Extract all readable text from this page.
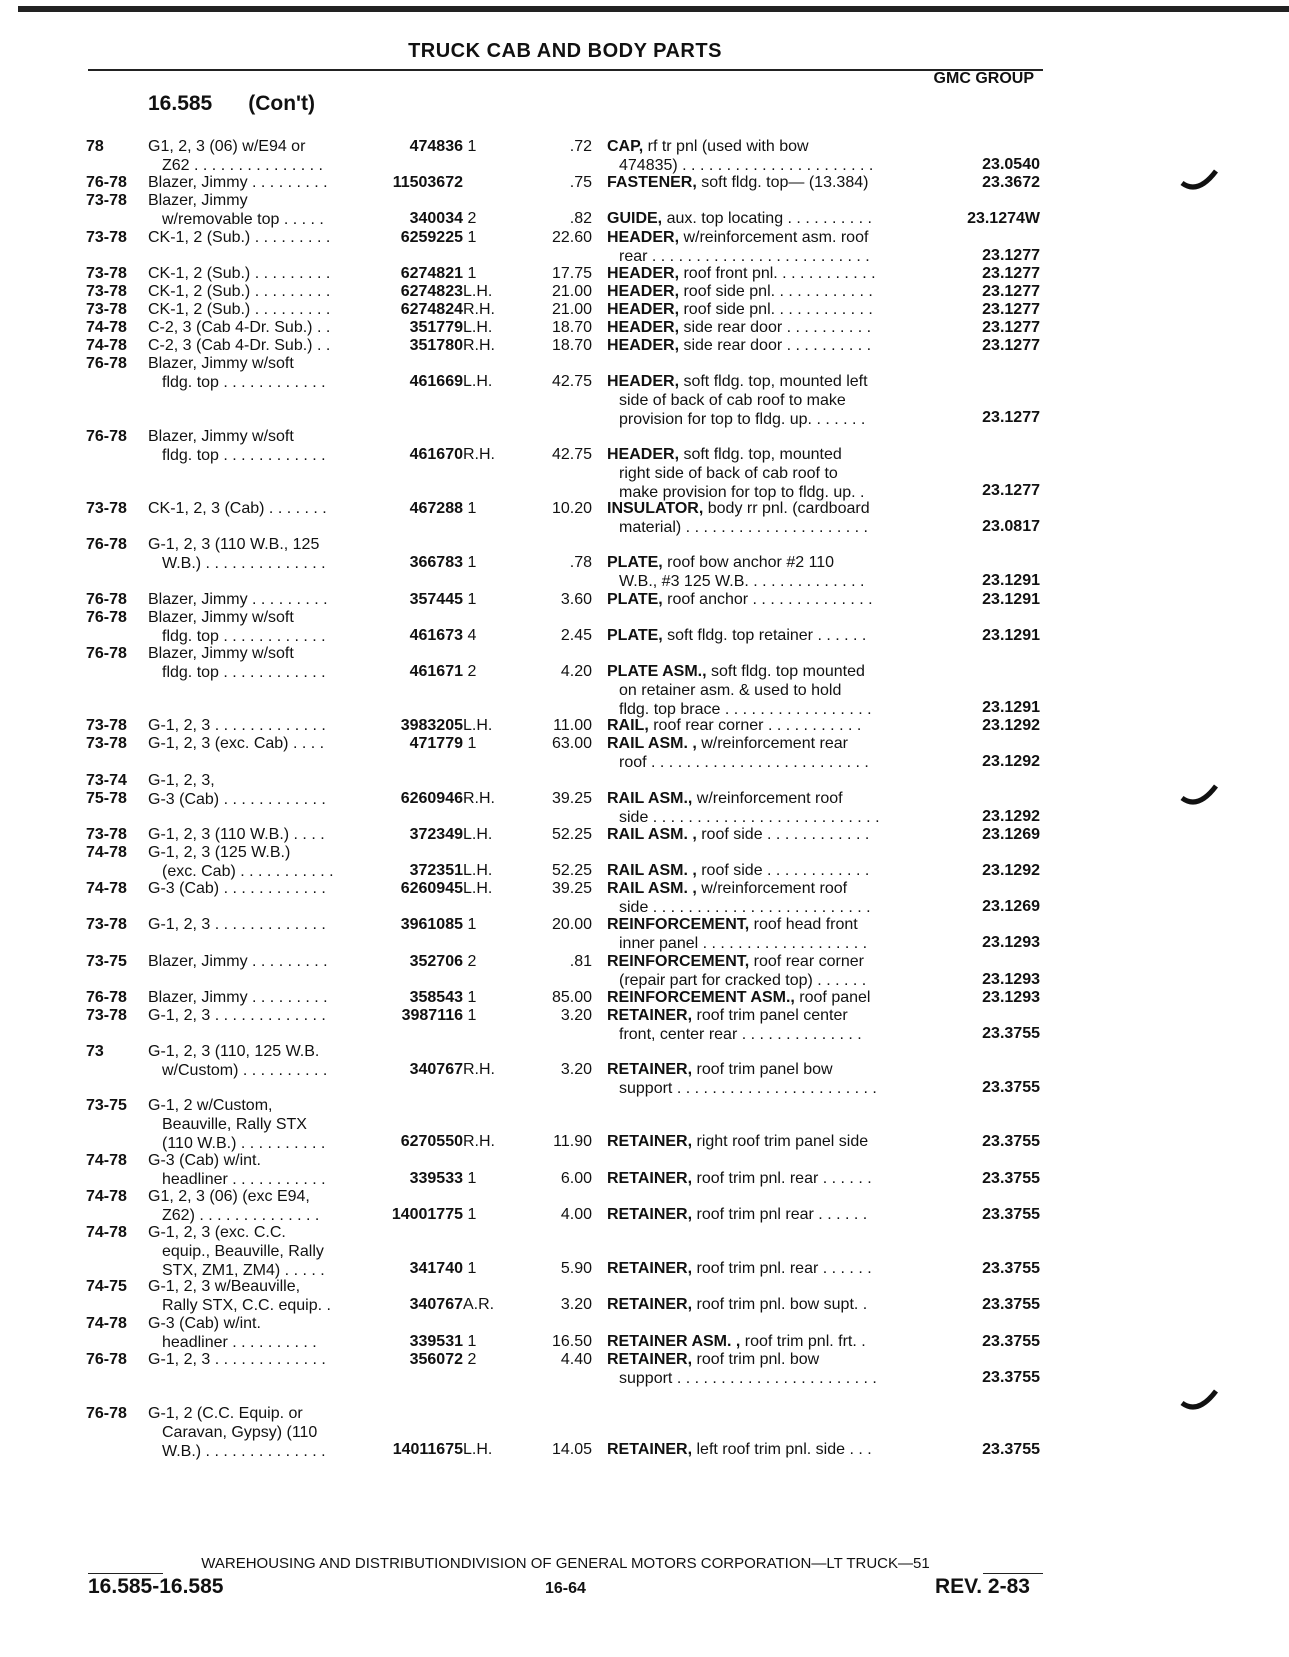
TRUCK CAB AND BODY PARTS
GMC GROUP
16.585 (Con't)
78	G1, 2, 3 (06) w/E94 or
Z62 . . . . . . . . . . . . . . .
474836 1	.72 CAP, rf tr pnl (used with bow
474835) . . . . . . . . . . . . . . . . . . . . . .	23.0540
76-78 Blazer, Jimmy . . . . . . . . .	11503672	.75 FASTENER, soft fldg. top— (13.384)	23.3672
73-78 Blazer, Jimmy
w/removable top . . . . .	340034 2	.82 GUIDE, aux. top locating . . . . . . . . . .	23.1274W
73-78 CK-1, 2 (Sub.) . . . . . . . . .	6259225 1	22.60 HEADER, w/reinforcement asm. roof
rear . . . . . . . . . . . . . . . . . . . . . . . . .	23.1277
73-78 CK-1, 2 (Sub.) . . . . . . . . .	6274821 1	17.75 HEADER, roof front pnl. . . . . . . . . . . .	23.1277
73-78 CK-1, 2 (Sub.) . . . . . . . . .	6274823 L.H.	21.00 HEADER, roof side pnl. . . . . . . . . . . .	23.1277
73-78 CK-1, 2 (Sub.) . . . . . . . . .	6274824 R.H.	21.00 HEADER, roof side pnl. . . . . . . . . . . .	23.1277
74-78 C-2, 3 (Cab 4-Dr. Sub.) . .	351779 L.H.	18.70 HEADER, side rear door . . . . . . . . . .	23.1277
74-78 C-2, 3 (Cab 4-Dr. Sub.) . .	351780 R.H.	18.70 HEADER, side rear door . . . . . . . . . .	23.1277
76-78 Blazer, Jimmy w/soft
fldg. top . . . . . . . . . . . .	461669 L.H.	42.75 HEADER, soft fldg. top, mounted left
side of back of cab roof to make
provision for top to fldg. up. . . . . . .	23.1277
76-78 Blazer, Jimmy w/soft
fldg. top . . . . . . . . . . . .	461670 R.H.	42.75 HEADER, soft fldg. top, mounted
right side of back of cab roof to
make provision for top to fldg. up. .	23.1277
73-78 CK-1, 2, 3 (Cab) . . . . . . .	467288 1	10.20 INSULATOR, body rr pnl. (cardboard
material) . . . . . . . . . . . . . . . . . . . . .	23.0817
76-78 G-1, 2, 3 (110 W.B., 125
W.B.) . . . . . . . . . . . . . .	366783 1	.78 PLATE, roof bow anchor #2 110
W.B., #3 125 W.B. . . . . . . . . . . . . .	23.1291
76-78 Blazer, Jimmy . . . . . . . . .	357445 1	3.60 PLATE, roof anchor . . . . . . . . . . . . . .	23.1291
76-78 Blazer, Jimmy w/soft
fldg. top . . . . . . . . . . . .	461673 4	2.45 PLATE, soft fldg. top retainer . . . . . .	23.1291
76-78 Blazer, Jimmy w/soft
fldg. top . . . . . . . . . . . .	461671 2	4.20 PLATE ASM., soft fldg. top mounted
on retainer asm. & used to hold
fldg. top brace . . . . . . . . . . . . . . . . .	23.1291
73-78 G-1, 2, 3 . . . . . . . . . . . . .	3983205 L.H.	11.00 RAIL, roof rear corner . . . . . . . . . . .	23.1292
73-78 G-1, 2, 3 (exc. Cab) . . . .	471779 1	63.00 RAIL ASM. , w/reinforcement rear
roof . . . . . . . . . . . . . . . . . . . . . . . . .	23.1292
73-74
75-78
G-1, 2, 3,
G-3 (Cab) . . . . . . . . . . . .	6260946 R.H.	39.25 RAIL ASM., w/reinforcement roof
side . . . . . . . . . . . . . . . . . . . . . . . . . .	23.1292
73-78 G-1, 2, 3 (110 W.B.) . . . .	372349 L.H.	52.25 RAIL ASM. , roof side . . . . . . . . . . . .	23.1269
74-78 G-1, 2, 3 (125 W.B.)
(exc. Cab) . . . . . . . . . . .	372351 L.H.	52.25 RAIL ASM. , roof side . . . . . . . . . . . .	23.1292
74-78 G-3 (Cab) . . . . . . . . . . . .	6260945 L.H.	39.25 RAIL ASM. , w/reinforcement roof
side . . . . . . . . . . . . . . . . . . . . . . . . .	23.1269
73-78 G-1, 2, 3 . . . . . . . . . . . . .	3961085 1	20.00 REINFORCEMENT, roof head front
inner panel . . . . . . . . . . . . . . . . . . .	23.1293
73-75 Blazer, Jimmy . . . . . . . . .	352706 2	.81 REINFORCEMENT, roof rear corner
(repair part for cracked top) . . . . . .	23.1293
76-78 Blazer, Jimmy . . . . . . . . .	358543 1	85.00 REINFORCEMENT ASM., roof panel	23.1293
73-78 G-1, 2, 3 . . . . . . . . . . . . .	3987116 1	3.20 RETAINER, roof trim panel center
front, center rear . . . . . . . . . . . . . .	23.3755
73	G-1, 2, 3 (110, 125 W.B.
w/Custom) . . . . . . . . . .	340767 R.H.	3.20 RETAINER, roof trim panel bow
support . . . . . . . . . . . . . . . . . . . . . . .	23.3755
73-75 G-1, 2 w/Custom,
Beauville, Rally STX
(110 W.B.) . . . . . . . . . .	6270550 R.H.	11.90 RETAINER, right roof trim panel side	23.3755
74-78 G-3 (Cab) w/int.
headliner . . . . . . . . . . .	339533 1	6.00 RETAINER, roof trim pnl. rear . . . . . .	23.3755
74-78 G1, 2, 3 (06) (exc E94,
Z62) . . . . . . . . . . . . . .	14001775 1	4.00 RETAINER, roof trim pnl rear . . . . . .	23.3755
74-78 G-1, 2, 3 (exc. C.C.
equip., Beauville, Rally
STX, ZM1, ZM4) . . . . .	341740 1	5.90 RETAINER, roof trim pnl. rear . . . . . .	23.3755
74-75 G-1, 2, 3 w/Beauville,
Rally STX, C.C. equip. .	340767 A.R.	3.20 RETAINER, roof trim pnl. bow supt. .	23.3755
74-78 G-3 (Cab) w/int.
headliner . . . . . . . . . .	339531 1	16.50 RETAINER ASM. , roof trim pnl. frt. .	23.3755
76-78 G-1, 2, 3 . . . . . . . . . . . . .	356072 2	4.40 RETAINER, roof trim pnl. bow
support . . . . . . . . . . . . . . . . . . . . . . .	23.3755
76-78 G-1, 2 (C.C. Equip. or
Caravan, Gypsy) (110
W.B.) . . . . . . . . . . . . . .	14011675 L.H.	14.05 RETAINER, left roof trim pnl. side . . .	23.3755
WAREHOUSING AND DISTRIBUTIONDIVISION OF GENERAL MOTORS CORPORATION—LT TRUCK—51
16.585-16.585	16-64	REV. 2-83
